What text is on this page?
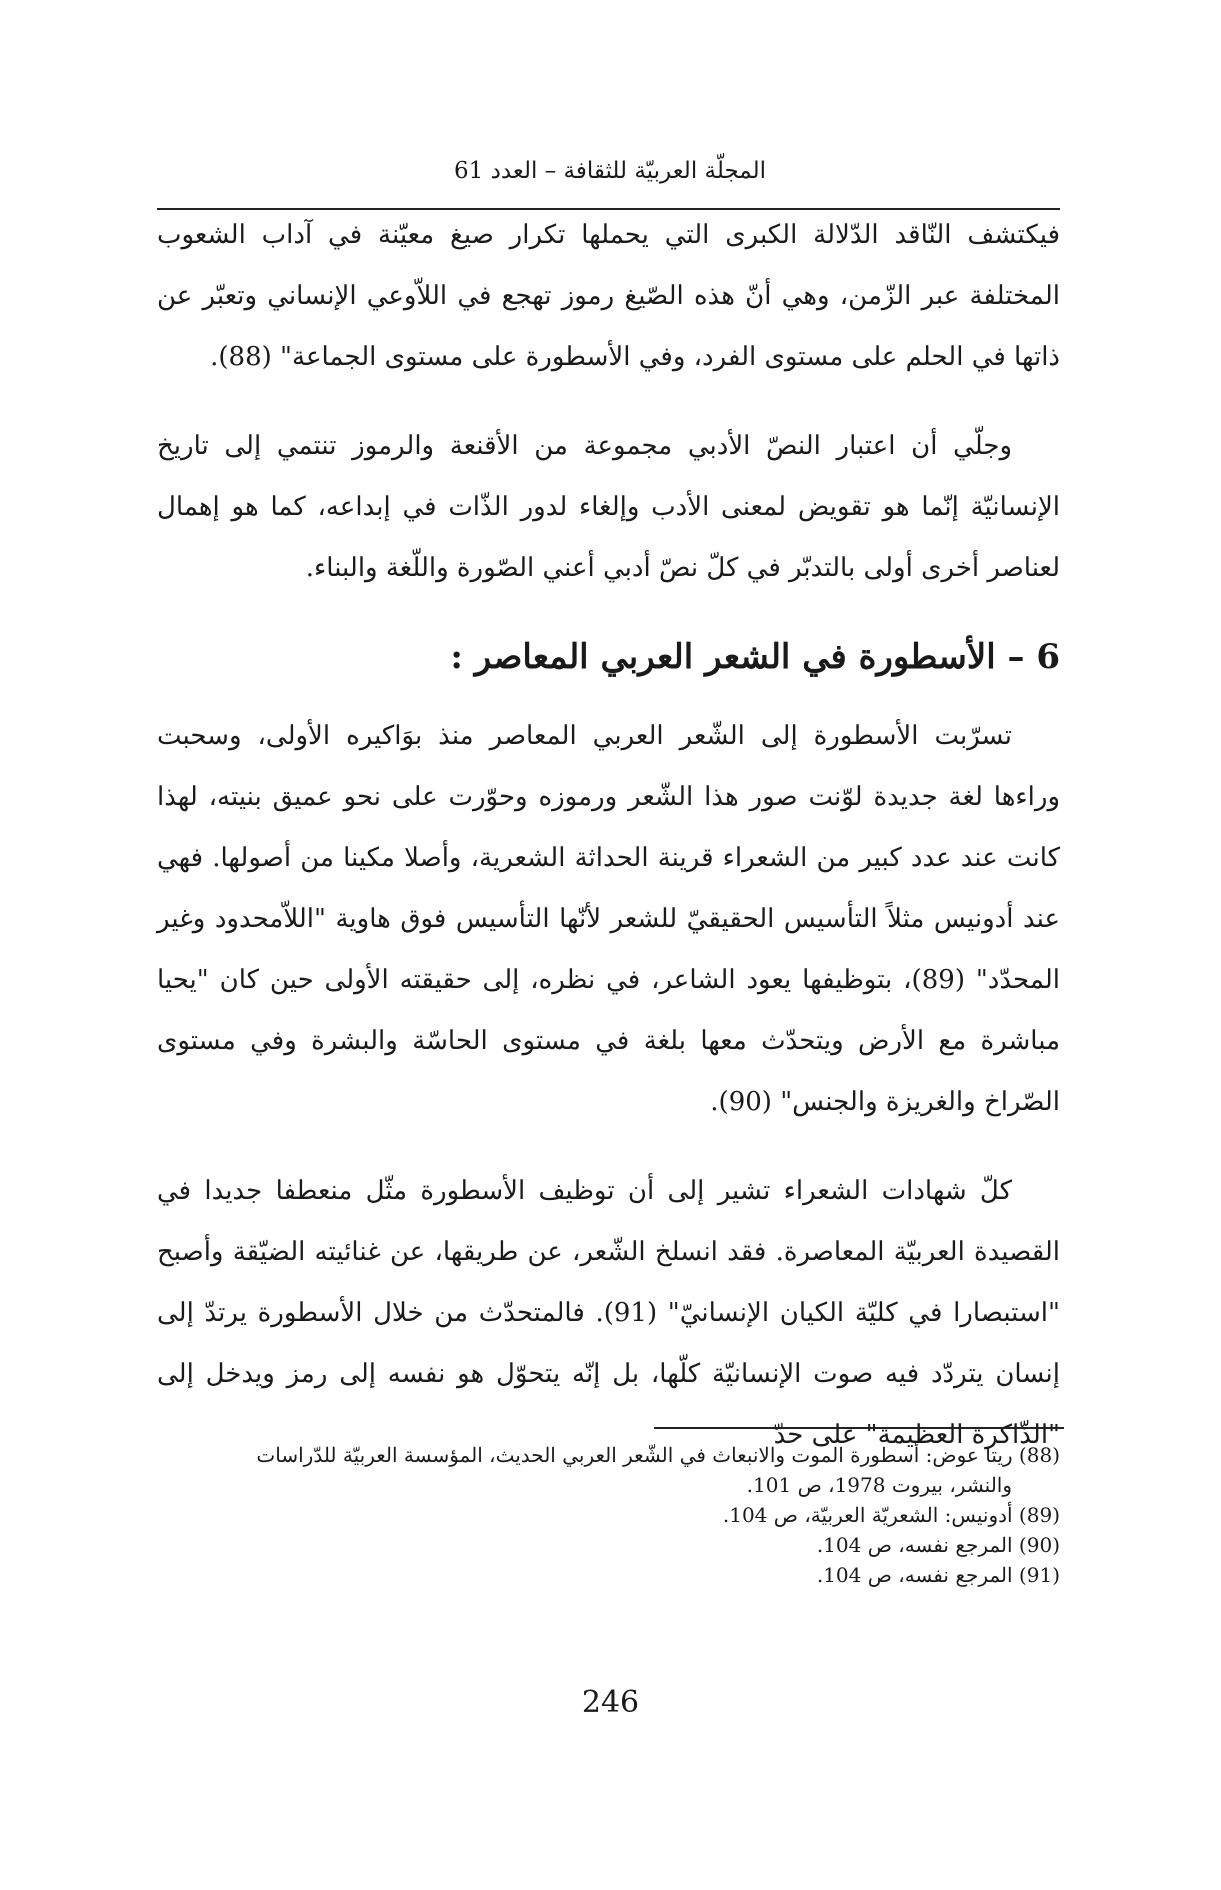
المجلّة العربيّة للثقافة – العدد 61

فيكتشف النّاقد الدّلالة الكبرى التي يحملها تكرار صيغ معيّنة في آداب الشعوب المختلفة عبر الزّمن، وهي أنّ هذه الصّيغ رموز تهجع في اللاّوعي الإنساني وتعبّر عن ذاتها في الحلم على مستوى الفرد، وفي الأسطورة على مستوى الجماعة" (88).

وجلّي أن اعتبار النصّ الأدبي مجموعة من الأقنعة والرموز تنتمي إلى تاريخ الإنسانيّة إنّما هو تقويض لمعنى الأدب وإلغاء لدور الذّات في إبداعه، كما هو إهمال لعناصر أخرى أولى بالتدبّر في كلّ نصّ أدبي أعني الصّورة واللّغة والبناء.

6 – الأسطورة في الشعر العربي المعاصر :

تسرّبت الأسطورة إلى الشّعر العربي المعاصر منذ بوَاكيره الأولى، وسحبت وراءها لغة جديدة لوّنت صور هذا الشّعر ورموزه وحوّرت على نحو عميق بنيته، لهذا كانت عند عدد كبير من الشعراء قرينة الحداثة الشعرية، وأصلا مكينا من أصولها. فهي عند أدونيس مثلاً التأسيس الحقيقيّ للشعر لأنّها التأسيس فوق هاوية "اللاّمحدود وغير المحدّد" (89)، بتوظيفها يعود الشاعر، في نظره، إلى حقيقته الأولى حين كان "يحيا مباشرة مع الأرض ويتحدّث معها بلغة في مستوى الحاسّة والبشرة وفي مستوى الصّراخ والغريزة والجنس" (90).

كلّ شهادات الشعراء تشير إلى أن توظيف الأسطورة مثّل منعطفا جديدا في القصيدة العربيّة المعاصرة. فقد انسلخ الشّعر، عن طريقها، عن غنائيته الضيّقة وأصبح "استبصارا في كليّة الكيان الإنسانيّ" (91). فالمتحدّث من خلال الأسطورة يرتدّ إلى إنسان يتردّد فيه صوت الإنسانيّة كلّها، بل إنّه يتحوّل هو نفسه إلى رمز ويدخل إلى "الذّاكرة العظيمة" على حدّ

(88) ريتا عوض: أسطورة الموت والانبعاث في الشّعر العربي الحديث، المؤسسة العربيّة للدّراسات

والنشر، بيروت 1978، ص 101.

(89) أدونيس: الشعريّة العربيّة، ص 104.

(90) المرجع نفسه، ص 104.

(91) المرجع نفسه، ص 104.

246
